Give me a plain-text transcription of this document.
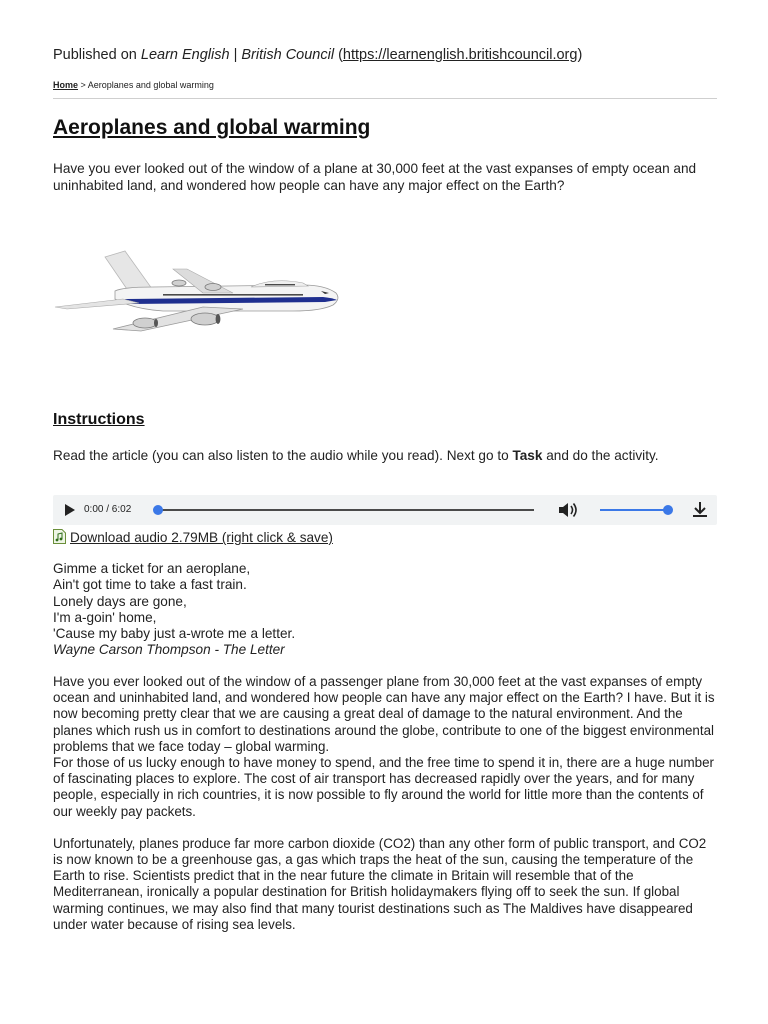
Published on Learn English | British Council (https://learnenglish.britishcouncil.org)
Home > Aeroplanes and global warming
Aeroplanes and global warming

Have you ever looked out of the window of a plane at 30,000 feet at the vast expanses of empty ocean and uninhabited land, and wondered how people can have any major effect on the Earth?

Instructions

Read the article (you can also listen to the audio while you read). Next go to Task and do the activity.

0:00 / 6:02
Download audio 2.79MB (right click & save)
Gimme a ticket for an aeroplane,
Ain't got time to take a fast train.
Lonely days are gone,
I'm a-goin' home,
'Cause my baby just a-wrote me a letter.
Wayne Carson Thompson - The Letter

Have you ever looked out of the window of a passenger plane from 30,000 feet at the vast expanses of empty ocean and uninhabited land, and wondered how people can have any major effect on the Earth? I have. But it is now becoming pretty clear that we are causing a great deal of damage to the natural environment. And the planes which rush us in comfort to destinations around the globe, contribute to one of the biggest environmental problems that we face today – global warming.

For those of us lucky enough to have money to spend, and the free time to spend it in, there are a huge number of fascinating places to explore. The cost of air transport has decreased rapidly over the years, and for many people, especially in rich countries, it is now possible to fly around the world for little more than the contents of our weekly pay packets.

Unfortunately, planes produce far more carbon dioxide (CO2) than any other form of public transport, and CO2 is now known to be a greenhouse gas, a gas which traps the heat of the sun, causing the temperature of the Earth to rise. Scientists predict that in the near future the climate in Britain will resemble that of the Mediterranean, ironically a popular destination for British holidaymakers flying off to seek the sun. If global warming continues, we may also find that many tourist destinations such as The Maldives have disappeared under water because of rising sea levels.
